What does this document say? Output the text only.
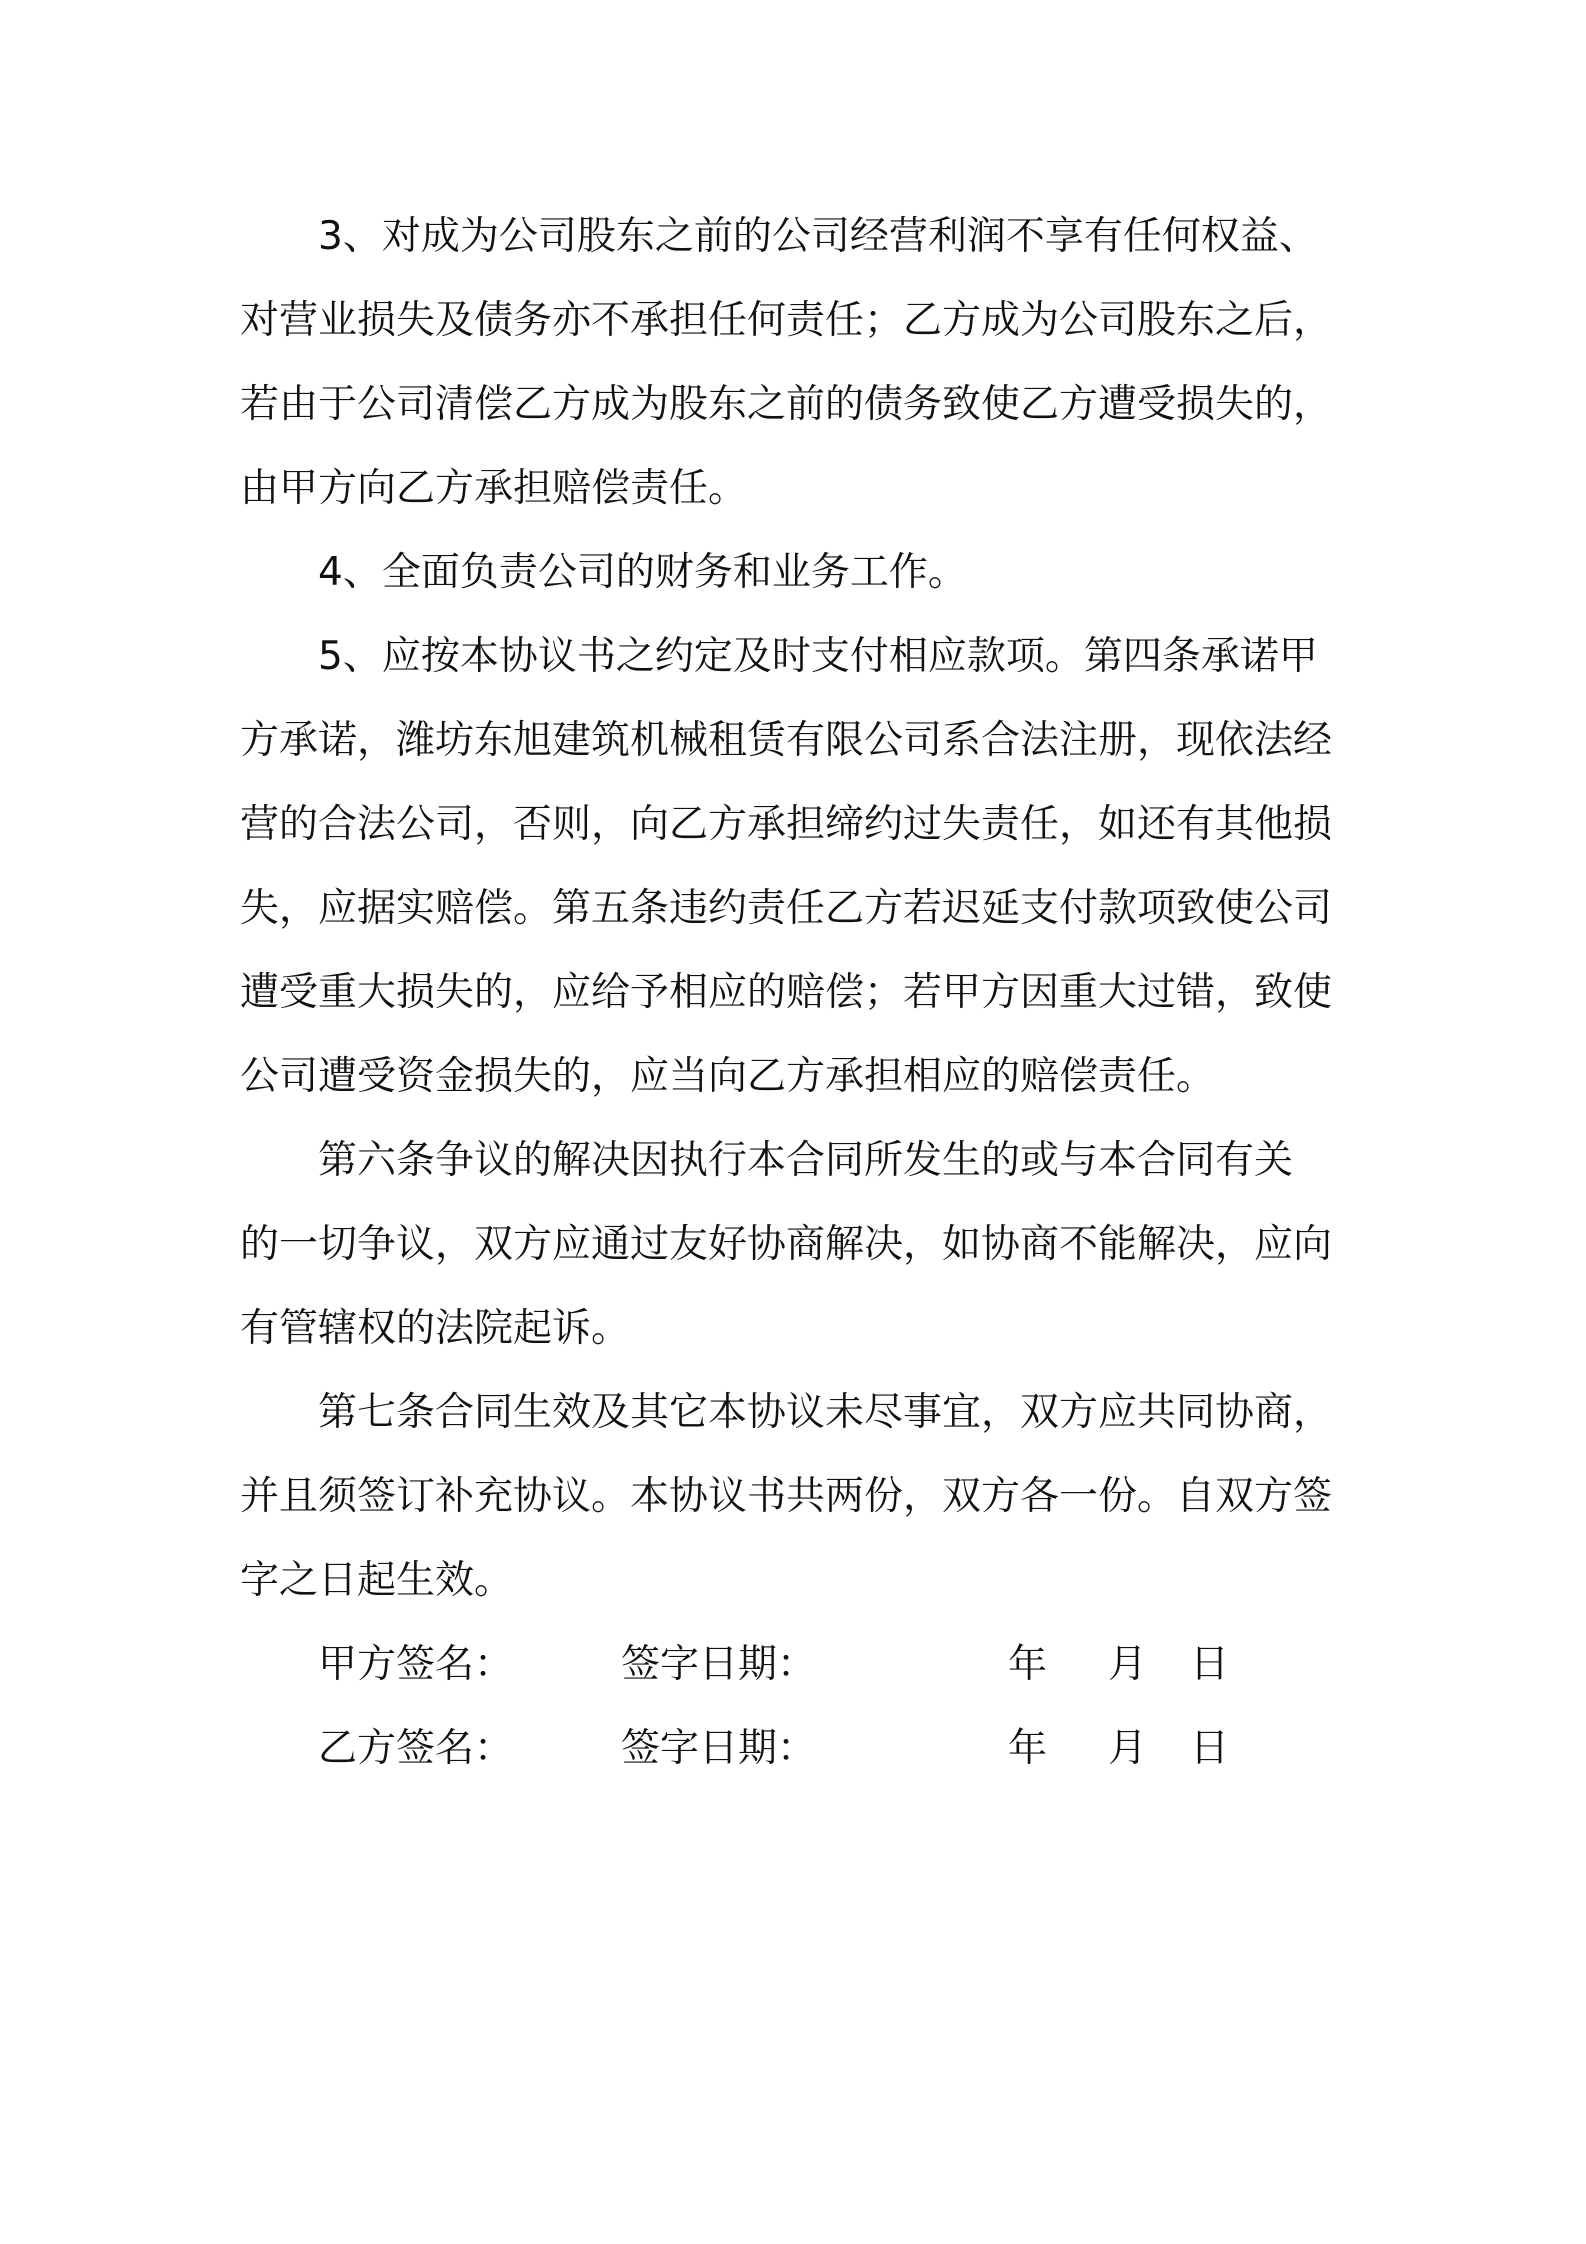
3、对成为公司股东之前的公司经营利润不享有任何权益、
对营业损失及债务亦不承担任何责任；乙方成为公司股东之后，
若由于公司清偿乙方成为股东之前的债务致使乙方遭受损失的，
由甲方向乙方承担赔偿责任。
4、全面负责公司的财务和业务工作。
5、应按本协议书之约定及时支付相应款项。第四条承诺甲
方承诺，潍坊东旭建筑机械租赁有限公司系合法注册，现依法经
营的合法公司，否则，向乙方承担缔约过失责任，如还有其他损
失，应据实赔偿。第五条违约责任乙方若迟延支付款项致使公司
遭受重大损失的，应给予相应的赔偿；若甲方因重大过错，致使
公司遭受资金损失的，应当向乙方承担相应的赔偿责任。
第六条争议的解决因执行本合同所发生的或与本合同有关
的一切争议，双方应通过友好协商解决，如协商不能解决，应向
有管辖权的法院起诉。
第七条合同生效及其它本协议未尽事宜，双方应共同协商，
并且须签订补充协议。本协议书共两份，双方各一份。自双方签
字之日起生效。
甲方签名：	签字日期：	年 月 日
乙方签名：	签字日期：	年 月 日
